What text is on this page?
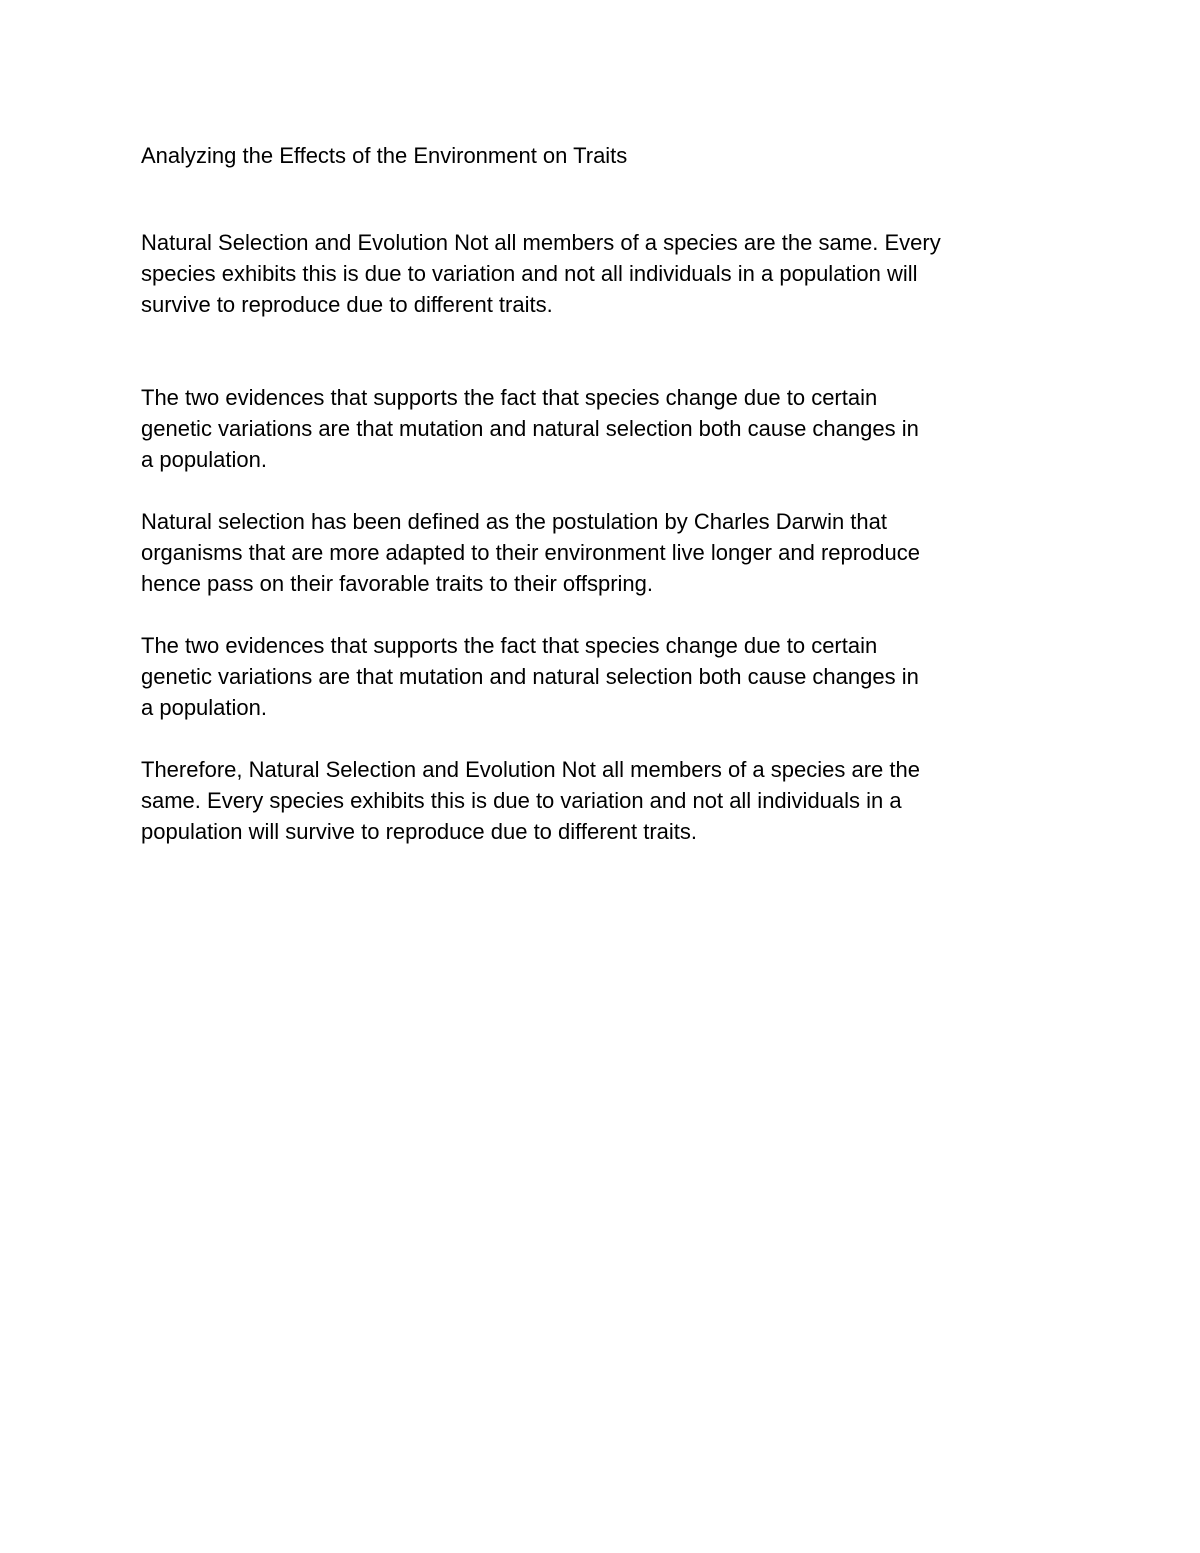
Analyzing the Effects of the Environment on Traits

Natural Selection and Evolution Not all members of a species are the same. Every
species exhibits this is due to variation and not all individuals in a population will
survive to reproduce due to different traits.

The two evidences that supports the fact that species change due to certain
genetic variations are that mutation and natural selection both cause changes in
a population.

Natural selection has been defined as the postulation by Charles Darwin that
organisms that are more adapted to their environment live longer and reproduce
hence pass on their favorable traits to their offspring.

The two evidences that supports the fact that species change due to certain
genetic variations are that mutation and natural selection both cause changes in
a population.

Therefore, Natural Selection and Evolution Not all members of a species are the
same. Every species exhibits this is due to variation and not all individuals in a
population will survive to reproduce due to different traits.
